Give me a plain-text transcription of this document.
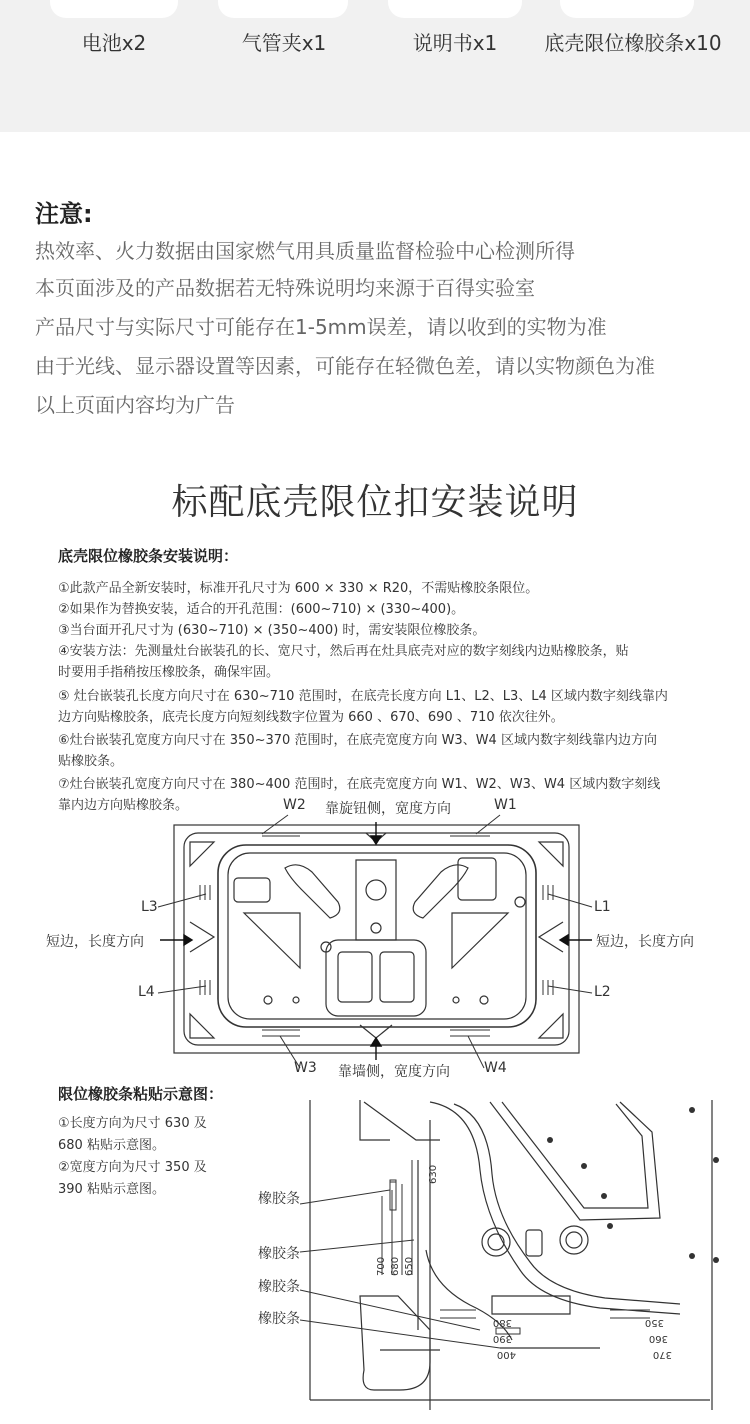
电池x2	气管夹x1	说明书x1	底壳限位橡胶条x10
注意:
热效率、火力数据由国家燃气用具质量监督检验中心检测所得
本页面涉及的产品数据若无特殊说明均来源于百得实验室
产品尺寸与实际尺寸可能存在1-5mm误差，请以收到的实物为准
由于光线、显示器设置等因素，可能存在轻微色差，请以实物颜色为准
以上页面内容均为广告
标配底壳限位扣安装说明
底壳限位橡胶条安装说明：
①此款产品全新安装时，标准开孔尺寸为 600 × 330 × R20，不需贴橡胶条限位。
②如果作为替换安装，适合的开孔范围：(600~710) × (330~400)。
③当台面开孔尺寸为 (630~710) × (350~400) 时，需安装限位橡胶条。
④安装方法：先测量灶台嵌装孔的长、宽尺寸，然后再在灶具底壳对应的数字刻线内边贴橡胶条，贴
时要用手指稍按压橡胶条，确保牢固。
⑤ 灶台嵌装孔长度方向尺寸在 630~710 范围时，在底壳长度方向 L1、L2、L3、L4 区域内数字刻线靠内
边方向贴橡胶条，底壳长度方向短刻线数字位置为 660 、670、690 、710 依次往外。
⑥灶台嵌装孔宽度方向尺寸在 350~370 范围时，在底壳宽度方向 W3、W4 区域内数字刻线靠内边方向
贴橡胶条。
⑦灶台嵌装孔宽度方向尺寸在 380~400 范围时，在底壳宽度方向 W1、W2、W3、W4 区域内数字刻线
靠内边方向贴橡胶条。	W2 靠旋钮侧，宽度方向	W1
L3	L1
短边，长度方向	短边，长度方向
L4	L2
W3 靠墙侧，宽度方向 W4
限位橡胶条粘贴示意图：
①长度方向为尺寸 630 及
680 粘贴示意图。
②宽度方向为尺寸 350 及
390 粘贴示意图。
630
700 680 650
380	350
390	360
400	370
橡胶条
橡胶条
橡胶条
橡胶条
